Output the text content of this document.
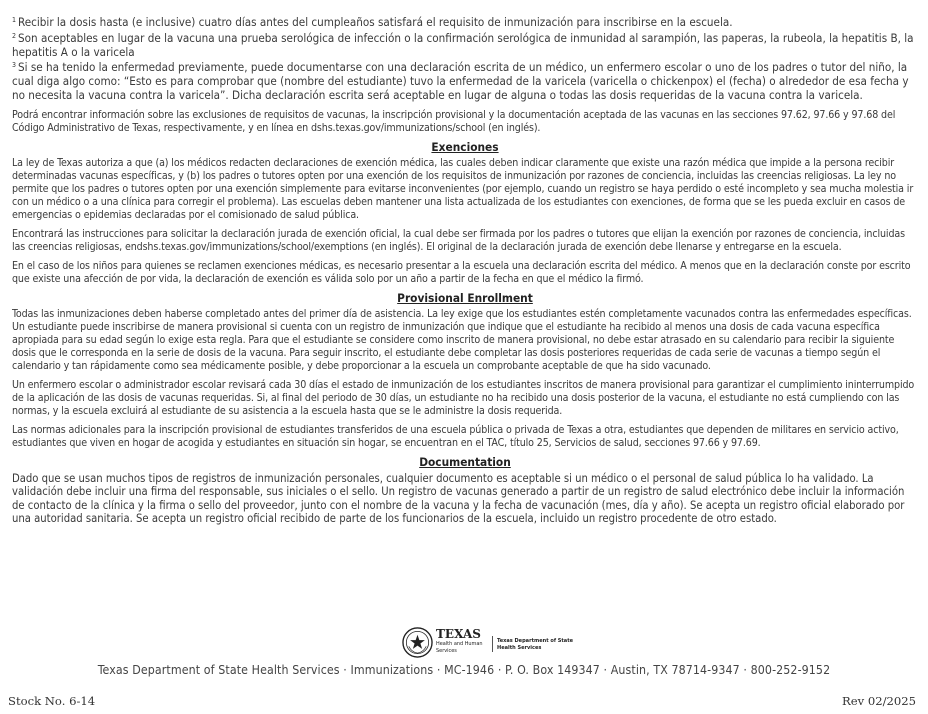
$^1$ Recibir la dosis hasta (e inclusive) cuatro días antes del cumpleaños satisfará el requisito de inmunización para inscribirse en la escuela.

$^2$ Son aceptables en lugar de la vacuna una prueba serológica de infección o la confirmación serológica de inmunidad al sarampión, las paperas, la rubeola, la hepatitis B, la hepatitis A o la varicela

$^3$ Si se ha tenido la enfermedad previamente, puede documentarse con una declaración escrita de un médico, un enfermero escolar o uno de los padres o tutor del niño, la cual diga algo como: “Esto es para comprobar que (nombre del estudiante) tuvo la enfermedad de la varicela (varicella o chickenpox) el (fecha) o alrededor de esa fecha y no necesita la vacuna contra la varicela”. Dicha declaración escrita será aceptable en lugar de alguna o todas las dosis requeridas de la vacuna contra la varicela.

Podrá encontrar información sobre las exclusiones de requisitos de vacunas, la inscripción provisional y la documentación aceptada de las vacunas en las secciones 97.62, 97.66 y 97.68 del Código Administrativo de Texas, respectivamente, y en línea en dshs.texas.gov/immunizations/school (en inglés).

Exenciones

La ley de Texas autoriza a que (a) los médicos redacten declaraciones de exención médica, las cuales deben indicar claramente que existe una razón médica que impide a la persona recibir determinadas vacunas específicas, y (b) los padres o tutores opten por una exención de los requisitos de inmunización por razones de conciencia, incluidas las creencias religiosas. La ley no permite que los padres o tutores opten por una exención simplemente para evitarse inconvenientes (por ejemplo, cuando un registro se haya perdido o esté incompleto y sea mucha molestia ir con un médico o a una clínica para corregir el problema). Las escuelas deben mantener una lista actualizada de los estudiantes con exenciones, de forma que se les pueda excluir en casos de emergencias o epidemias declaradas por el comisionado de salud pública.

Encontrará las instrucciones para solicitar la declaración jurada de exención oficial, la cual debe ser firmada por los padres o tutores que elijan la exención por razones de conciencia, incluidas las creencias religiosas, endshs.texas.gov/immunizations/school/exemptions (en inglés). El original de la declaración jurada de exención debe llenarse y entregarse en la escuela.

En el caso de los niños para quienes se reclamen exenciones médicas, es necesario presentar a la escuela una declaración escrita del médico. A menos que en la declaración conste por escrito que existe una afección de por vida, la declaración de exención es válida solo por un año a partir de la fecha en que el médico la firmó.

Provisional Enrollment

Todas las inmunizaciones deben haberse completado antes del primer día de asistencia. La ley exige que los estudiantes estén completamente vacunados contra las enfermedades específicas. Un estudiante puede inscribirse de manera provisional si cuenta con un registro de inmunización que indique que el estudiante ha recibido al menos una dosis de cada vacuna específica apropiada para su edad según lo exige esta regla. Para que el estudiante se considere como inscrito de manera provisional, no debe estar atrasado en su calendario para recibir la siguiente dosis que le corresponda en la serie de dosis de la vacuna. Para seguir inscrito, el estudiante debe completar las dosis posteriores requeridas de cada serie de vacunas a tiempo según el calendario y tan rápidamente como sea médicamente posible, y debe proporcionar a la escuela un comprobante aceptable de que ha sido vacunado.

Un enfermero escolar o administrador escolar revisará cada 30 días el estado de inmunización de los estudiantes inscritos de manera provisional para garantizar el cumplimiento ininterrumpido de la aplicación de las dosis de vacunas requeridas. Si, al final del periodo de 30 días, un estudiante no ha recibido una dosis posterior de la vacuna, el estudiante no está cumpliendo con las normas, y la escuela excluirá al estudiante de su asistencia a la escuela hasta que se le administre la dosis requerida.

Las normas adicionales para la inscripción provisional de estudiantes transferidos de una escuela pública o privada de Texas a otra, estudiantes que dependen de militares en servicio activo, estudiantes que viven en hogar de acogida y estudiantes en situación sin hogar, se encuentran en el TAC, título 25, Servicios de salud, secciones 97.66 y 97.69.

Documentation

Dado que se usan muchos tipos de registros de inmunización personales, cualquier documento es aceptable si un médico o el personal de salud pública lo ha validado. La validación debe incluir una firma del responsable, sus iniciales o el sello. Un registro de vacunas generado a partir de un registro de salud electrónico debe incluir la información de contacto de la clínica y la firma o sello del proveedor, junto con el nombre de la vacuna y la fecha de vacunación (mes, día y año). Se acepta un registro oficial elaborado por una autoridad sanitaria. Se acepta un registro oficial recibido de parte de los funcionarios de la escuela, incluido un registro procedente de otro estado.

TEXAS
Health and Human Services
Texas Department of State Health Services
Texas Department of State Health Services · Immunizations · MC-1946 · P. O. Box 149347 · Austin, TX 78714-9347 · 800-252-9152
Stock No. 6-14	Rev 02/2025
